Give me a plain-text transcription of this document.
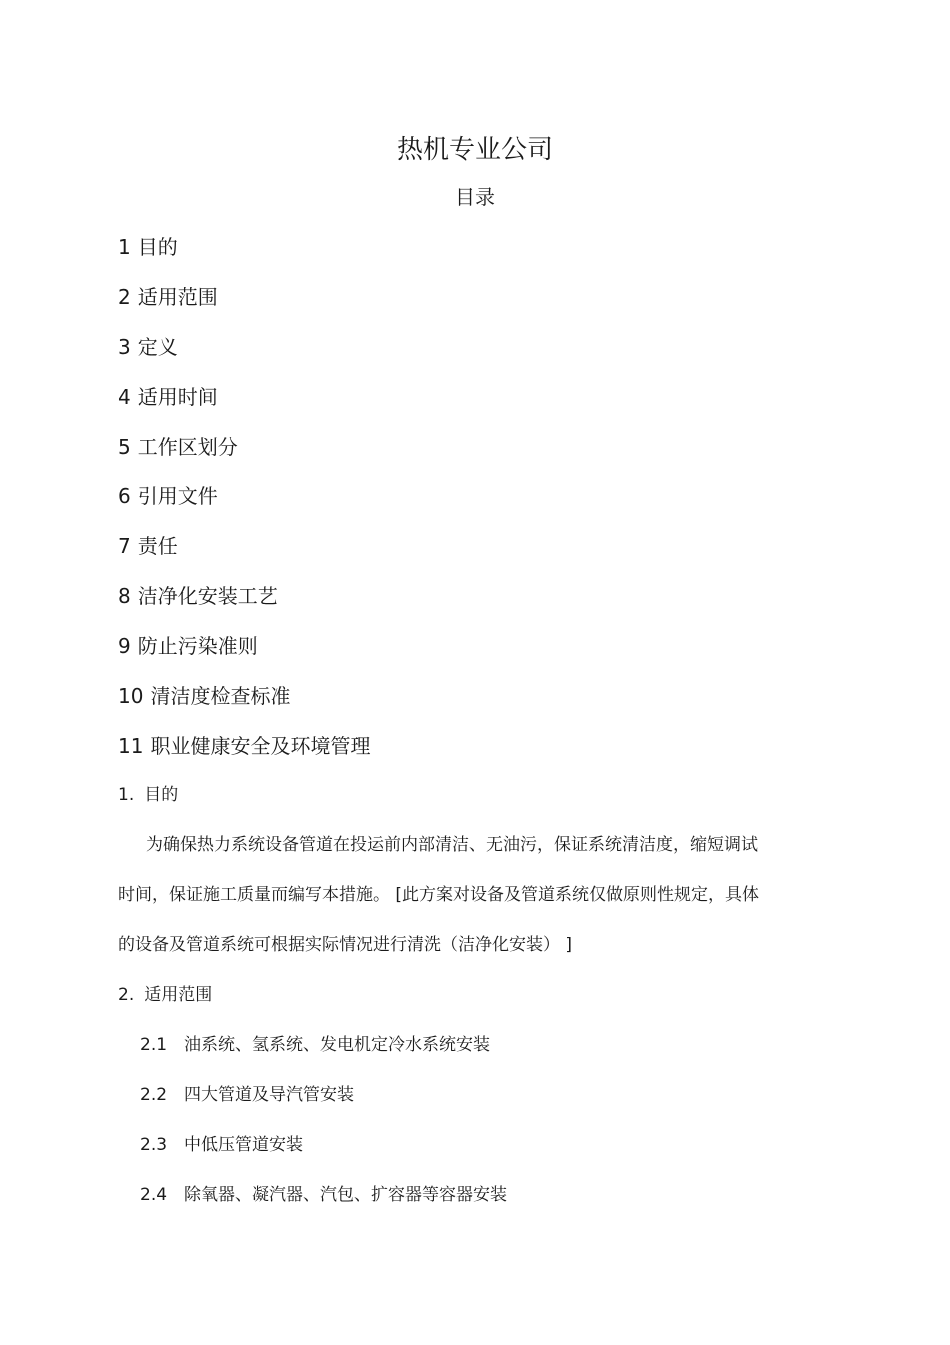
热机专业公司
目录
1 目的
2 适用范围
3 定义
4 适用时间
5 工作区划分
6 引用文件
7 责任
8 洁净化安装工艺
9 防止污染准则
10 清洁度检查标准
11 职业健康安全及环境管理
1. 目的
为确保热力系统设备管道在投运前内部清洁、无油污，保证系统清洁度，缩短调试
时间，保证施工质量而编写本措施。 [此方案对设备及管道系统仅做原则性规定，具体
的设备及管道系统可根据实际情况进行清洗（洁净化安装） ]
2. 适用范围
2.1 油系统、氢系统、发电机定冷水系统安装
2.2 四大管道及导汽管安装
2.3 中低压管道安装
2.4 除氧器、凝汽器、汽包、扩容器等容器安装
